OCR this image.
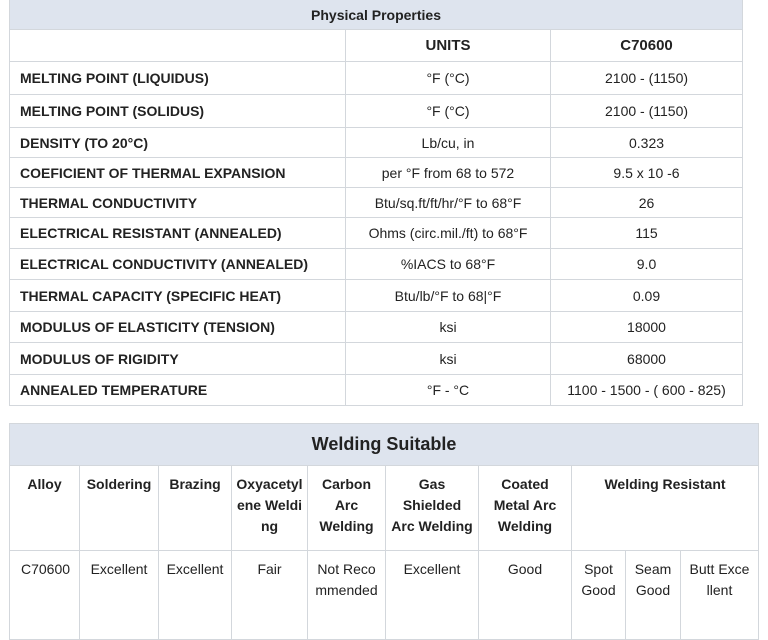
Physical Properties		
	UNITS	C70600
MELTING POINT (LIQUIDUS)	°F (°C)	2100 - (1150)
MELTING POINT (SOLIDUS)	°F (°C)	2100 - (1150)
DENSITY (TO 20°C)	Lb/cu, in	0.323
COEFICIENT OF THERMAL EXPANSION	per °F from 68 to 572	9.5 x 10 -6
THERMAL CONDUCTIVITY	Btu/sq.ft/ft/hr/°F to 68°F	26
ELECTRICAL RESISTANT (ANNEALED)	Ohms (circ.mil./ft) to 68°F	115
ELECTRICAL CONDUCTIVITY (ANNEALED)	%IACS to 68°F	9.0
THERMAL CAPACITY (SPECIFIC HEAT)	Btu/lb/°F to 68|°F	0.09
MODULUS OF ELASTICITY (TENSION)	ksi	18000
MODULUS OF RIGIDITY	ksi	68000
ANNEALED TEMPERATURE	°F - °C	1100 - 1500 - ( 600 - 825)
Welding Suitable									

Alloy	Soldering	Brazing	Oxyacetylene Welding	Carbon Arc Welding	Gas Shielded Arc Welding	Coated Metal Arc Welding	Welding Resistant		

C70600	Excellent	Excellent	Fair	Not Recommended	Excellent	Good	Spot Good	Seam Good	Butt Excellent
